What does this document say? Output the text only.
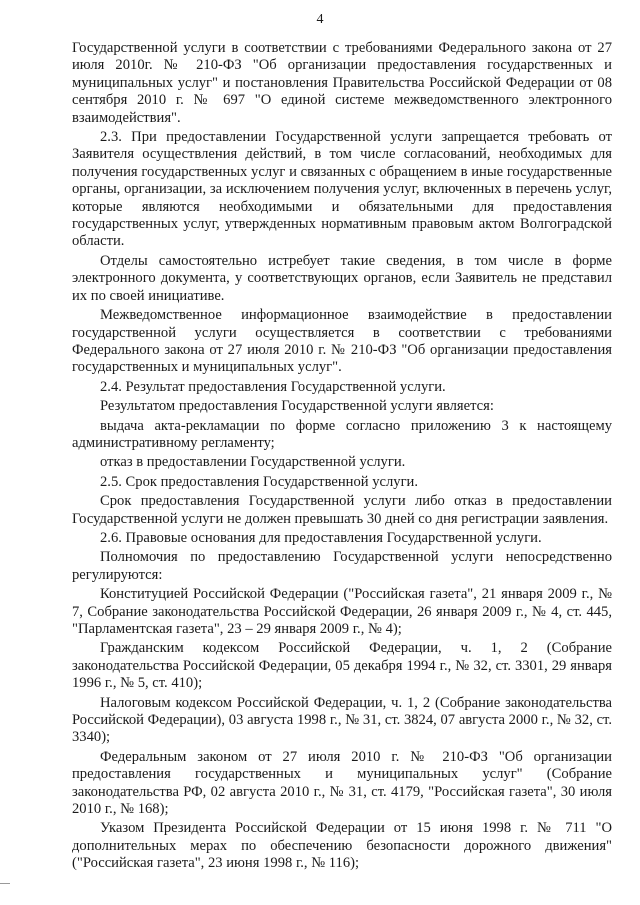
4

Государственной услуги в соответствии с требованиями Федерального закона от 27 июля 2010г. № 210-ФЗ "Об организации предоставления государственных и муниципальных услуг" и постановления Правительства Российской Федерации от 08 сентября 2010 г. № 697 "О единой системе межведомственного электронного взаимодействия".

2.3. При предоставлении Государственной услуги запрещается требовать от Заявителя осуществления действий, в том числе согласований, необходимых для получения государственных услуг и связанных с обращением в иные государственные органы, организации, за исключением получения услуг, включенных в перечень услуг, которые являются необходимыми и обязательными для предоставления государственных услуг, утвержденных нормативным правовым актом Волгоградской области.

Отделы самостоятельно истребует такие сведения, в том числе в форме электронного документа, у соответствующих органов, если Заявитель не представил их по своей инициативе.

Межведомственное информационное взаимодействие в предоставлении государственной услуги осуществляется в соответствии с требованиями Федерального закона от 27 июля 2010 г. № 210-ФЗ "Об организации предоставления государственных и муниципальных услуг".

2.4. Результат предоставления Государственной услуги.

Результатом предоставления Государственной услуги является:

выдача акта-рекламации по форме согласно приложению 3 к настоящему административному регламенту;

отказ в предоставлении Государственной услуги.

2.5. Срок предоставления Государственной услуги.

Срок предоставления Государственной услуги либо отказ в предоставлении Государственной услуги не должен превышать 30 дней со дня регистрации заявления.

2.6. Правовые основания для предоставления Государственной услуги.

Полномочия по предоставлению Государственной услуги непосредственно регулируются:

Конституцией Российской Федерации ("Российская газета", 21 января 2009 г., № 7, Собрание законодательства Российской Федерации, 26 января 2009 г., № 4, ст. 445, "Парламентская газета", 23 – 29 января 2009 г., № 4);

Гражданским кодексом Российской Федерации, ч. 1, 2 (Собрание законодательства Российской Федерации, 05 декабря 1994 г., № 32, ст. 3301, 29 января 1996 г., № 5, ст. 410);

Налоговым кодексом Российской Федерации, ч. 1, 2 (Собрание законодательства Российской Федерации), 03 августа 1998 г., № 31, ст. 3824, 07 августа 2000 г., № 32, ст. 3340);

Федеральным законом от 27 июля 2010 г. № 210-ФЗ "Об организации предоставления государственных и муниципальных услуг" (Собрание законодательства РФ, 02 августа 2010 г., № 31, ст. 4179, "Российская газета", 30 июля 2010 г., № 168);

Указом Президента Российской Федерации от 15 июня 1998 г. № 711 "О дополнительных мерах по обеспечению безопасности дорожного движения" ("Российская газета", 23 июня 1998 г., № 116);
